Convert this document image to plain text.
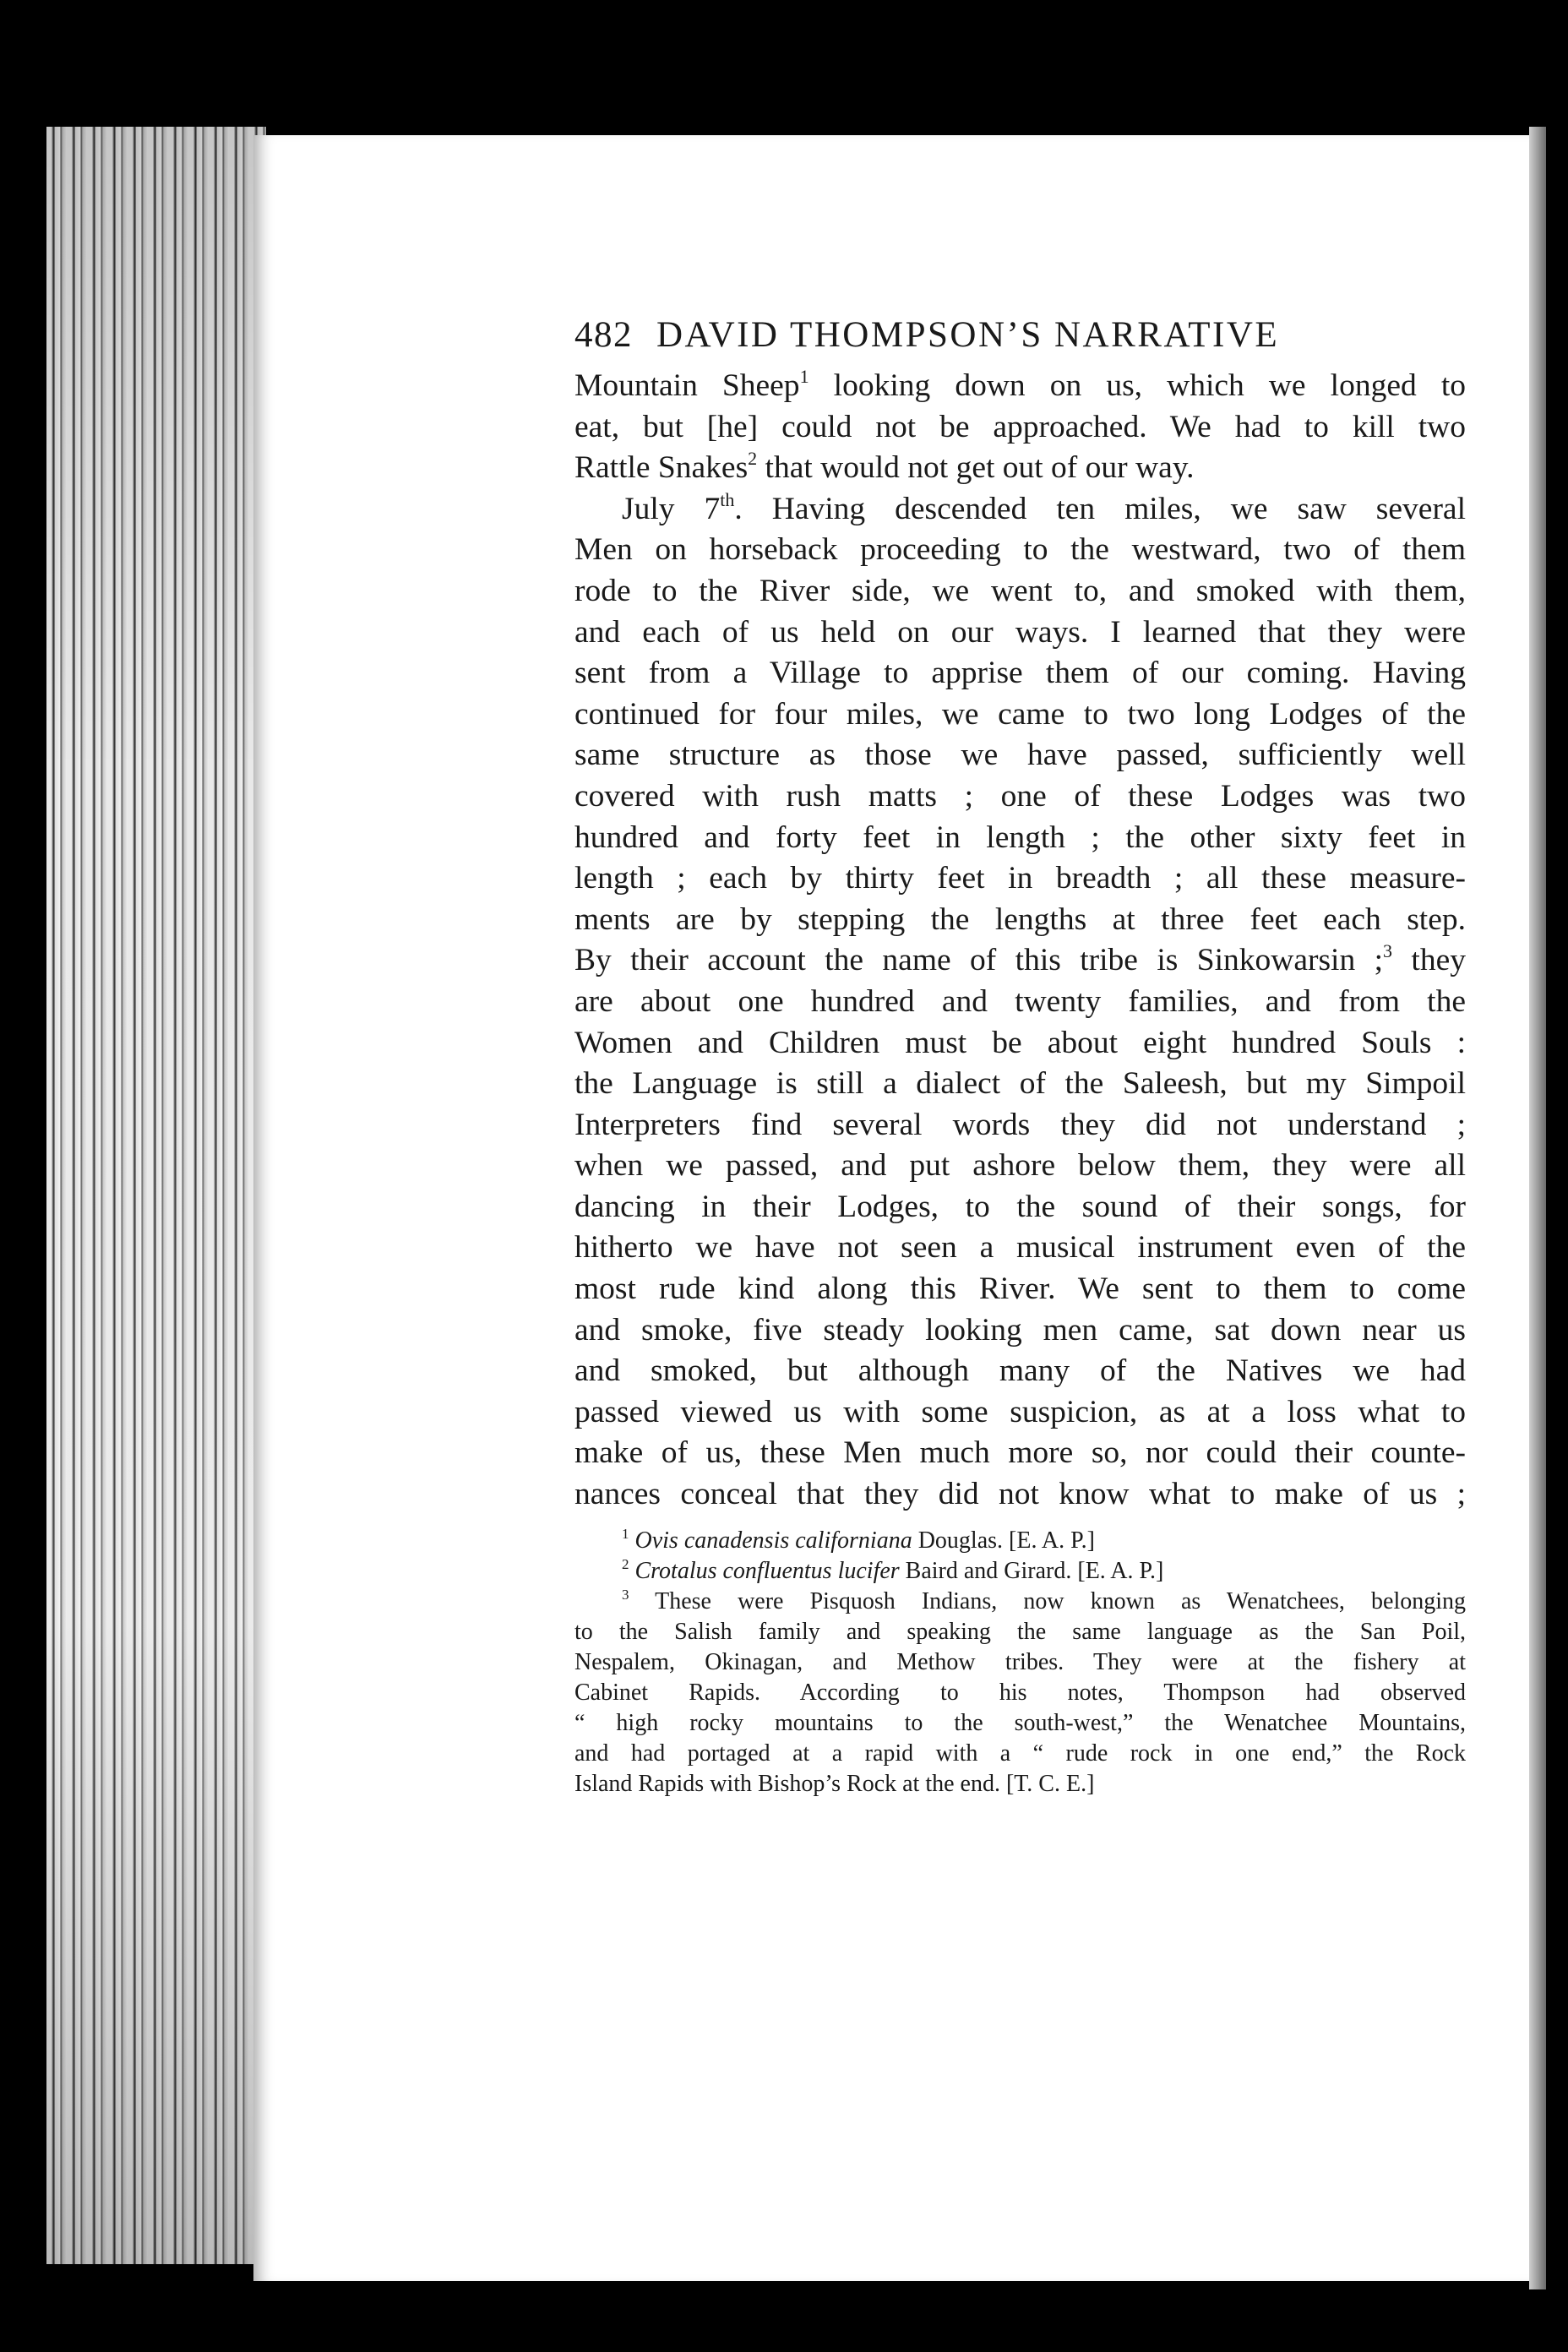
482 DAVID THOMPSON’S NARRATIVE
Mountain Sheep$^1$ looking down on us, which we longed to
eat, but [he] could not be approached. We had to kill two
Rattle Snakes$^2$ that would not get out of our way.
July 7th. Having descended ten miles, we saw several
Men on horseback proceeding to the westward, two of them
rode to the River side, we went to, and smoked with them,
and each of us held on our ways. I learned that they were
sent from a Village to apprise them of our coming. Having
continued for four miles, we came to two long Lodges of the
same structure as those we have passed, sufficiently well
covered with rush matts ; one of these Lodges was two
hundred and forty feet in length ; the other sixty feet in
length ; each by thirty feet in breadth ; all these measure-
ments are by stepping the lengths at three feet each step.
By their account the name of this tribe is Sinkowarsin ;$^3$ they
are about one hundred and twenty families, and from the
Women and Children must be about eight hundred Souls :
the Language is still a dialect of the Saleesh, but my Simpoil
Interpreters find several words they did not understand ;
when we passed, and put ashore below them, they were all
dancing in their Lodges, to the sound of their songs, for
hitherto we have not seen a musical instrument even of the
most rude kind along this River. We sent to them to come
and smoke, five steady looking men came, sat down near us
and smoked, but although many of the Natives we had
passed viewed us with some suspicion, as at a loss what to
make of us, these Men much more so, nor could their counte-
nances conceal that they did not know what to make of us ;
$^1$ Ovis canadensis californiana Douglas. [E. A. P.]
$^2$ Crotalus confluentus lucifer Baird and Girard. [E. A. P.]
$^3$ These were Pisquosh Indians, now known as Wenatchees, belonging
to the Salish family and speaking the same language as the San Poil,
Nespalem, Okinagan, and Methow tribes. They were at the fishery at
Cabinet Rapids. According to his notes, Thompson had observed
“ high rocky mountains to the south-west,” the Wenatchee Mountains,
and had portaged at a rapid with a “ rude rock in one end,” the Rock
Island Rapids with Bishop’s Rock at the end. [T. C. E.]
